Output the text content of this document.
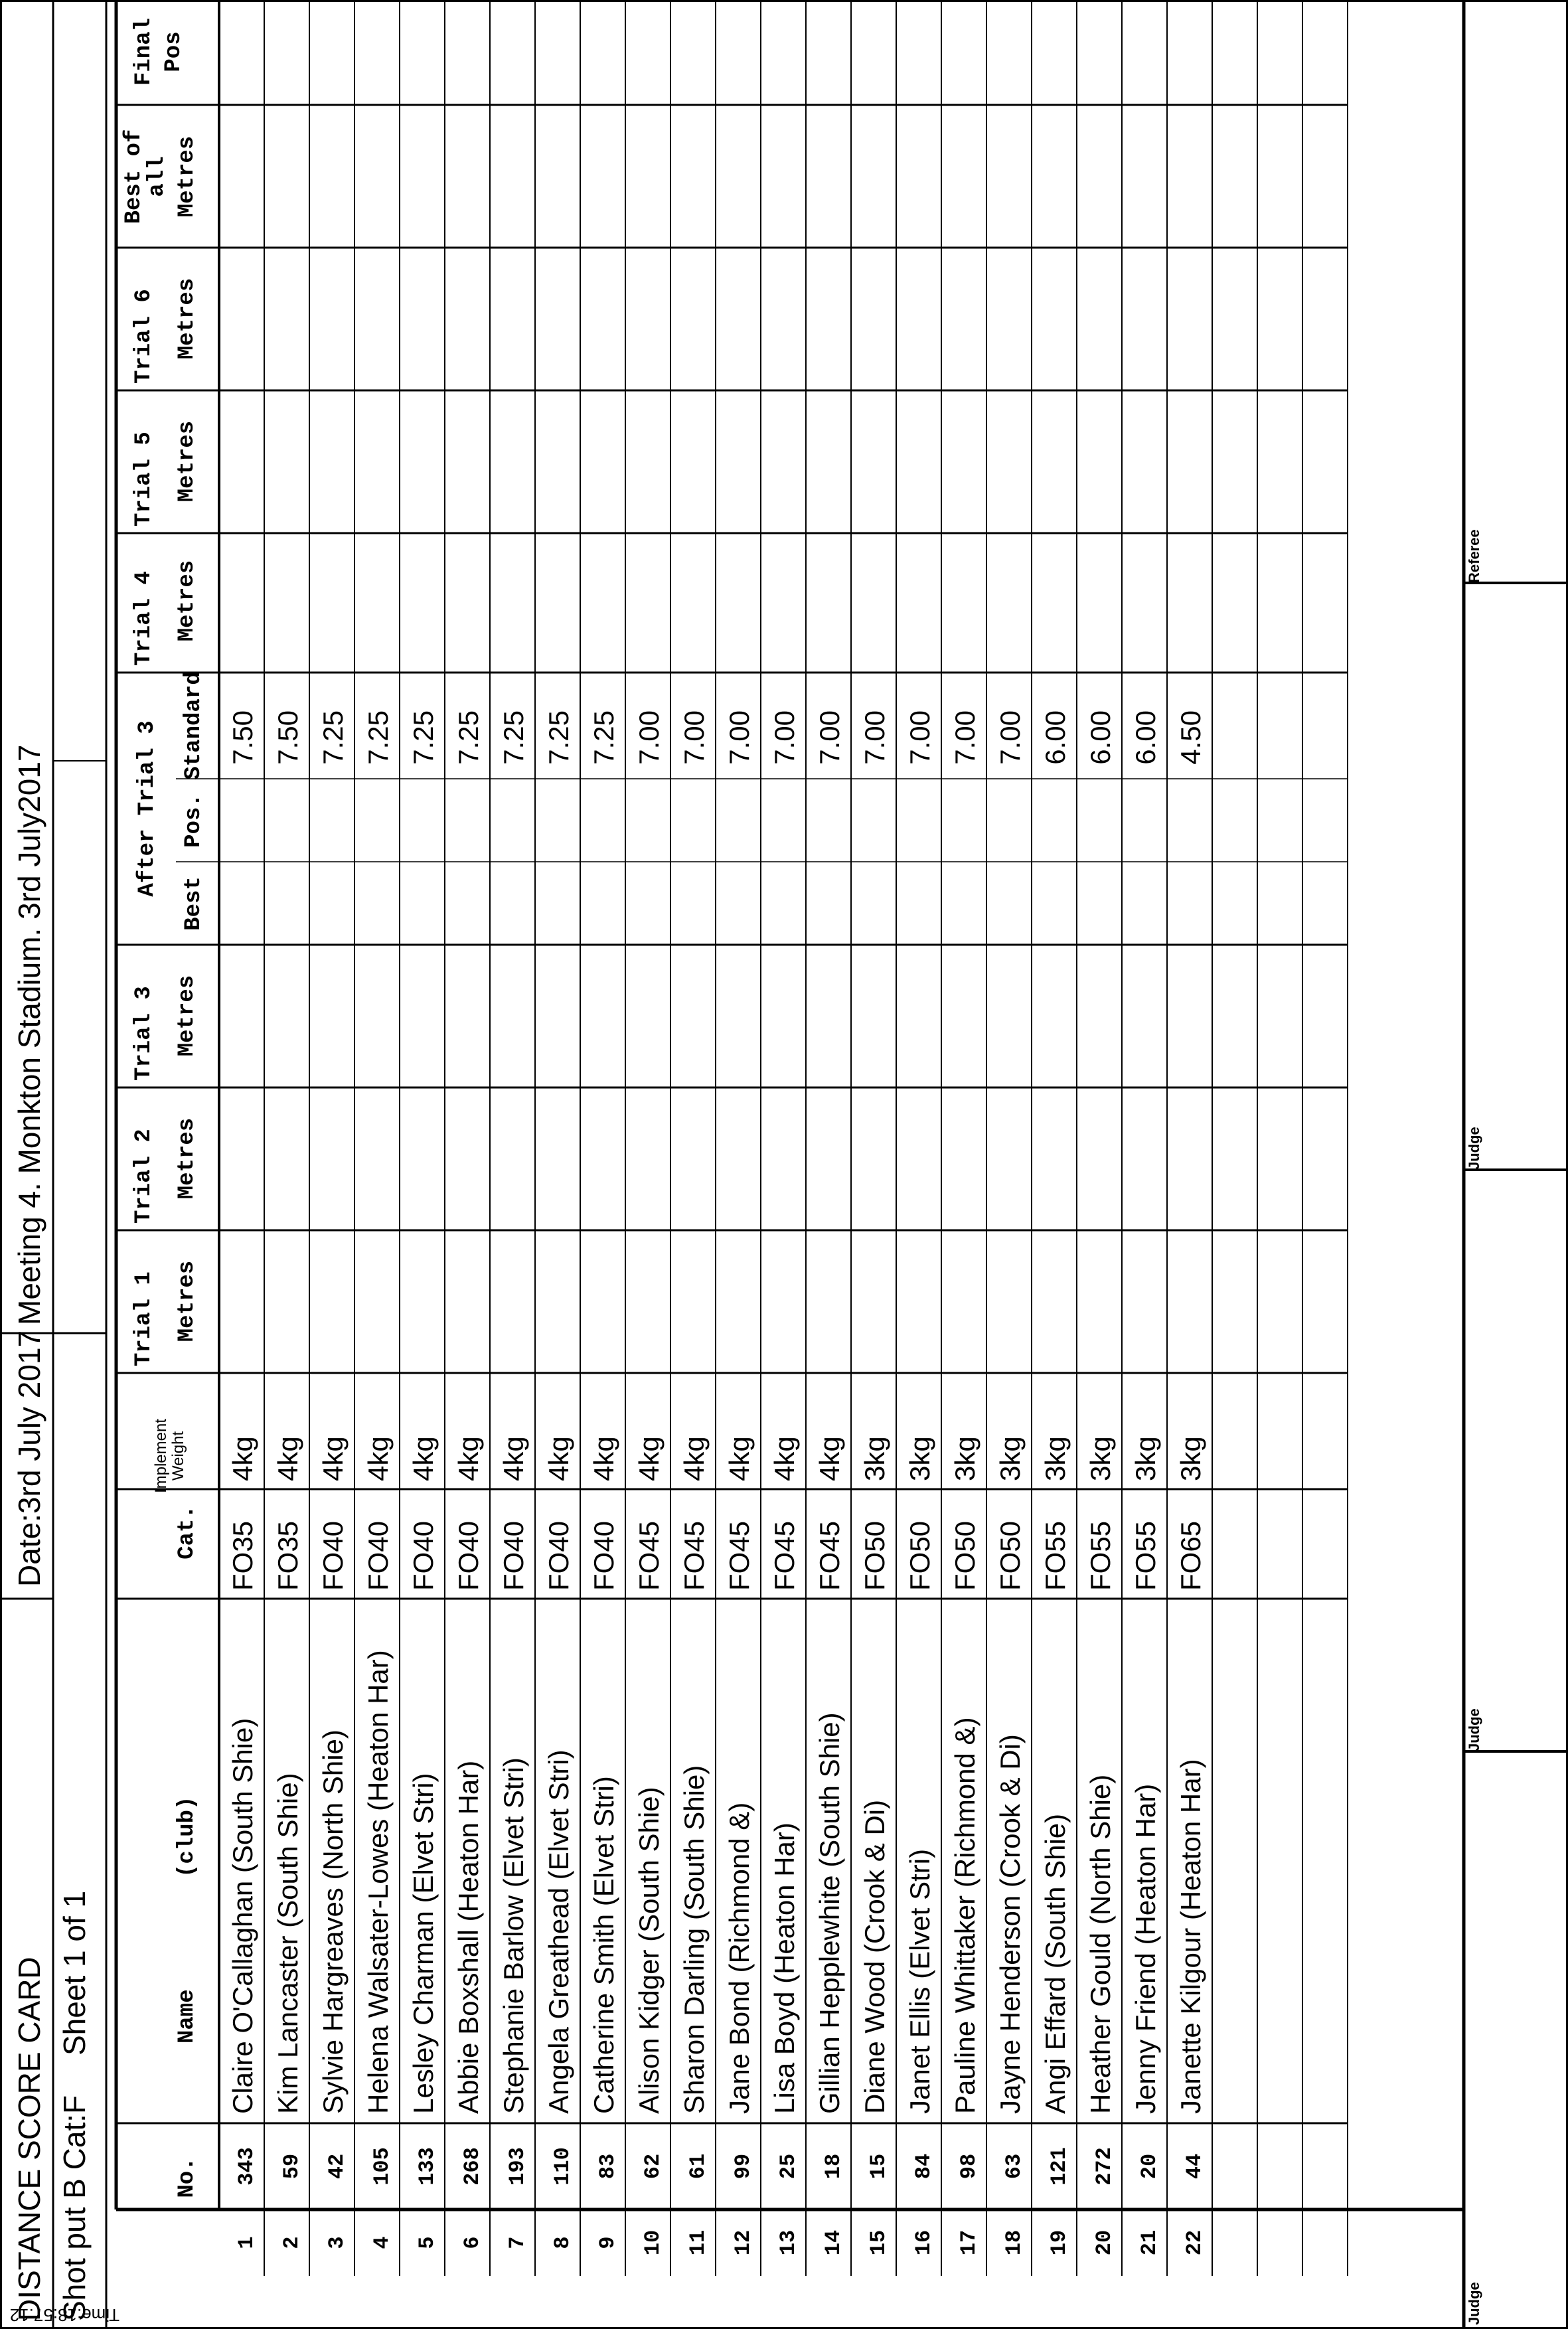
DISTANCE SCORE CARD
Date:3rd July 2017
Meeting 4. Monkton Stadium. 3rd July2017
Shot put B Cat:F
Sheet 1 of 1
No.
Name
(club)
Cat.
Implement Weight
Trial 1 Metres
Trial 2 Metres
Trial 3 Metres
Trial 4 Metres
Trial 5 Metres
Trial 6 Metres
After Trial 3
Best
Pos.
Standard
Best of
all Metres
Final Pos
1
343
Claire O'Callaghan (South Shie)
FO35
4kg
7.50
2
59
Kim Lancaster (South Shie)
FO35
4kg
7.50
3
42
Sylvie Hargreaves (North Shie)
FO40
4kg
7.25
4
105
Helena Walsater-Lowes (Heaton Har)
FO40
4kg
7.25
5
133
Lesley Charman (Elvet Stri)
FO40
4kg
7.25
6
268
Abbie Boxshall (Heaton Har)
FO40
4kg
7.25
7
193
Stephanie Barlow (Elvet Stri)
FO40
4kg
7.25
8
110
Angela Greathead (Elvet Stri)
FO40
4kg
7.25
9
83
Catherine Smith (Elvet Stri)
FO40
4kg
7.25
10
62
Alison Kidger (South Shie)
FO45
4kg
7.00
11
61
Sharon Darling (South Shie)
FO45
4kg
7.00
12
99
Jane Bond (Richmond &)
FO45
4kg
7.00
13
25
Lisa Boyd (Heaton Har)
FO45
4kg
7.00
14
18
Gillian Hepplewhite (South Shie)
FO45
4kg
7.00
15
15
Diane Wood (Crook & Di)
FO50
3kg
7.00
16
84
Janet Ellis (Elvet Stri)
FO50
3kg
7.00
17
98
Pauline Whittaker (Richmond &)
FO50
3kg
7.00
18
63
Jayne Henderson (Crook & Di)
FO50
3kg
7.00
19
121
Angi Effard (South Shie)
FO55
3kg
6.00
20
272
Heather Gould (North Shie)
FO55
3kg
6.00
21
20
Jenny Friend (Heaton Har)
FO55
3kg
6.00
22
44
Janette Kilgour (Heaton Har)
FO65
3kg
4.50
Judge
Judge
Judge
Referee
Time:18:57:12
